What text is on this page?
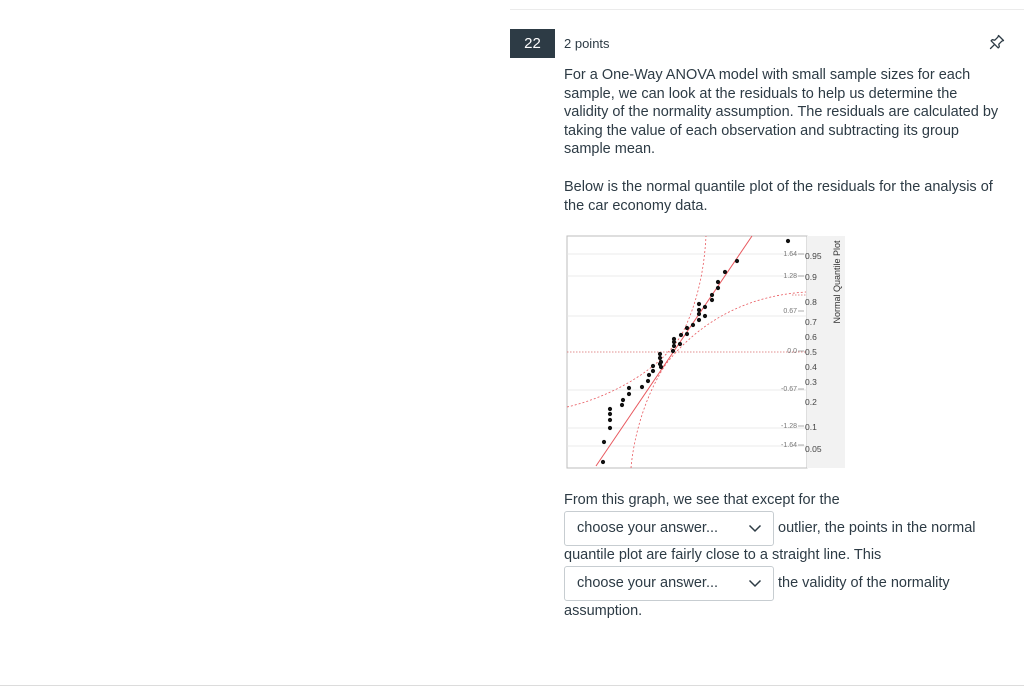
22	2 points

For a One-Way ANOVA model with small sample sizes for each sample, we can look at the residuals to help us determine the validity of the normality assumption. The residuals are calculated by taking the value of each observation and subtracting its group sample mean.

Below is the normal quantile plot of the residuals for the analysis of the car economy data.

1.64
1.28
0.67
0.0
-0.67
-1.28
-1.64
0.95
0.9
0.8
0.7
0.6
0.5
0.4
0.3
0.2
0.1
0.05
Normal Quantile Plot
From this graph, we see that except for the
choose your answer...	outlier, the points in the normal
quantile plot are fairly close to a straight line. This
choose your answer...	the validity of the normality
assumption.
